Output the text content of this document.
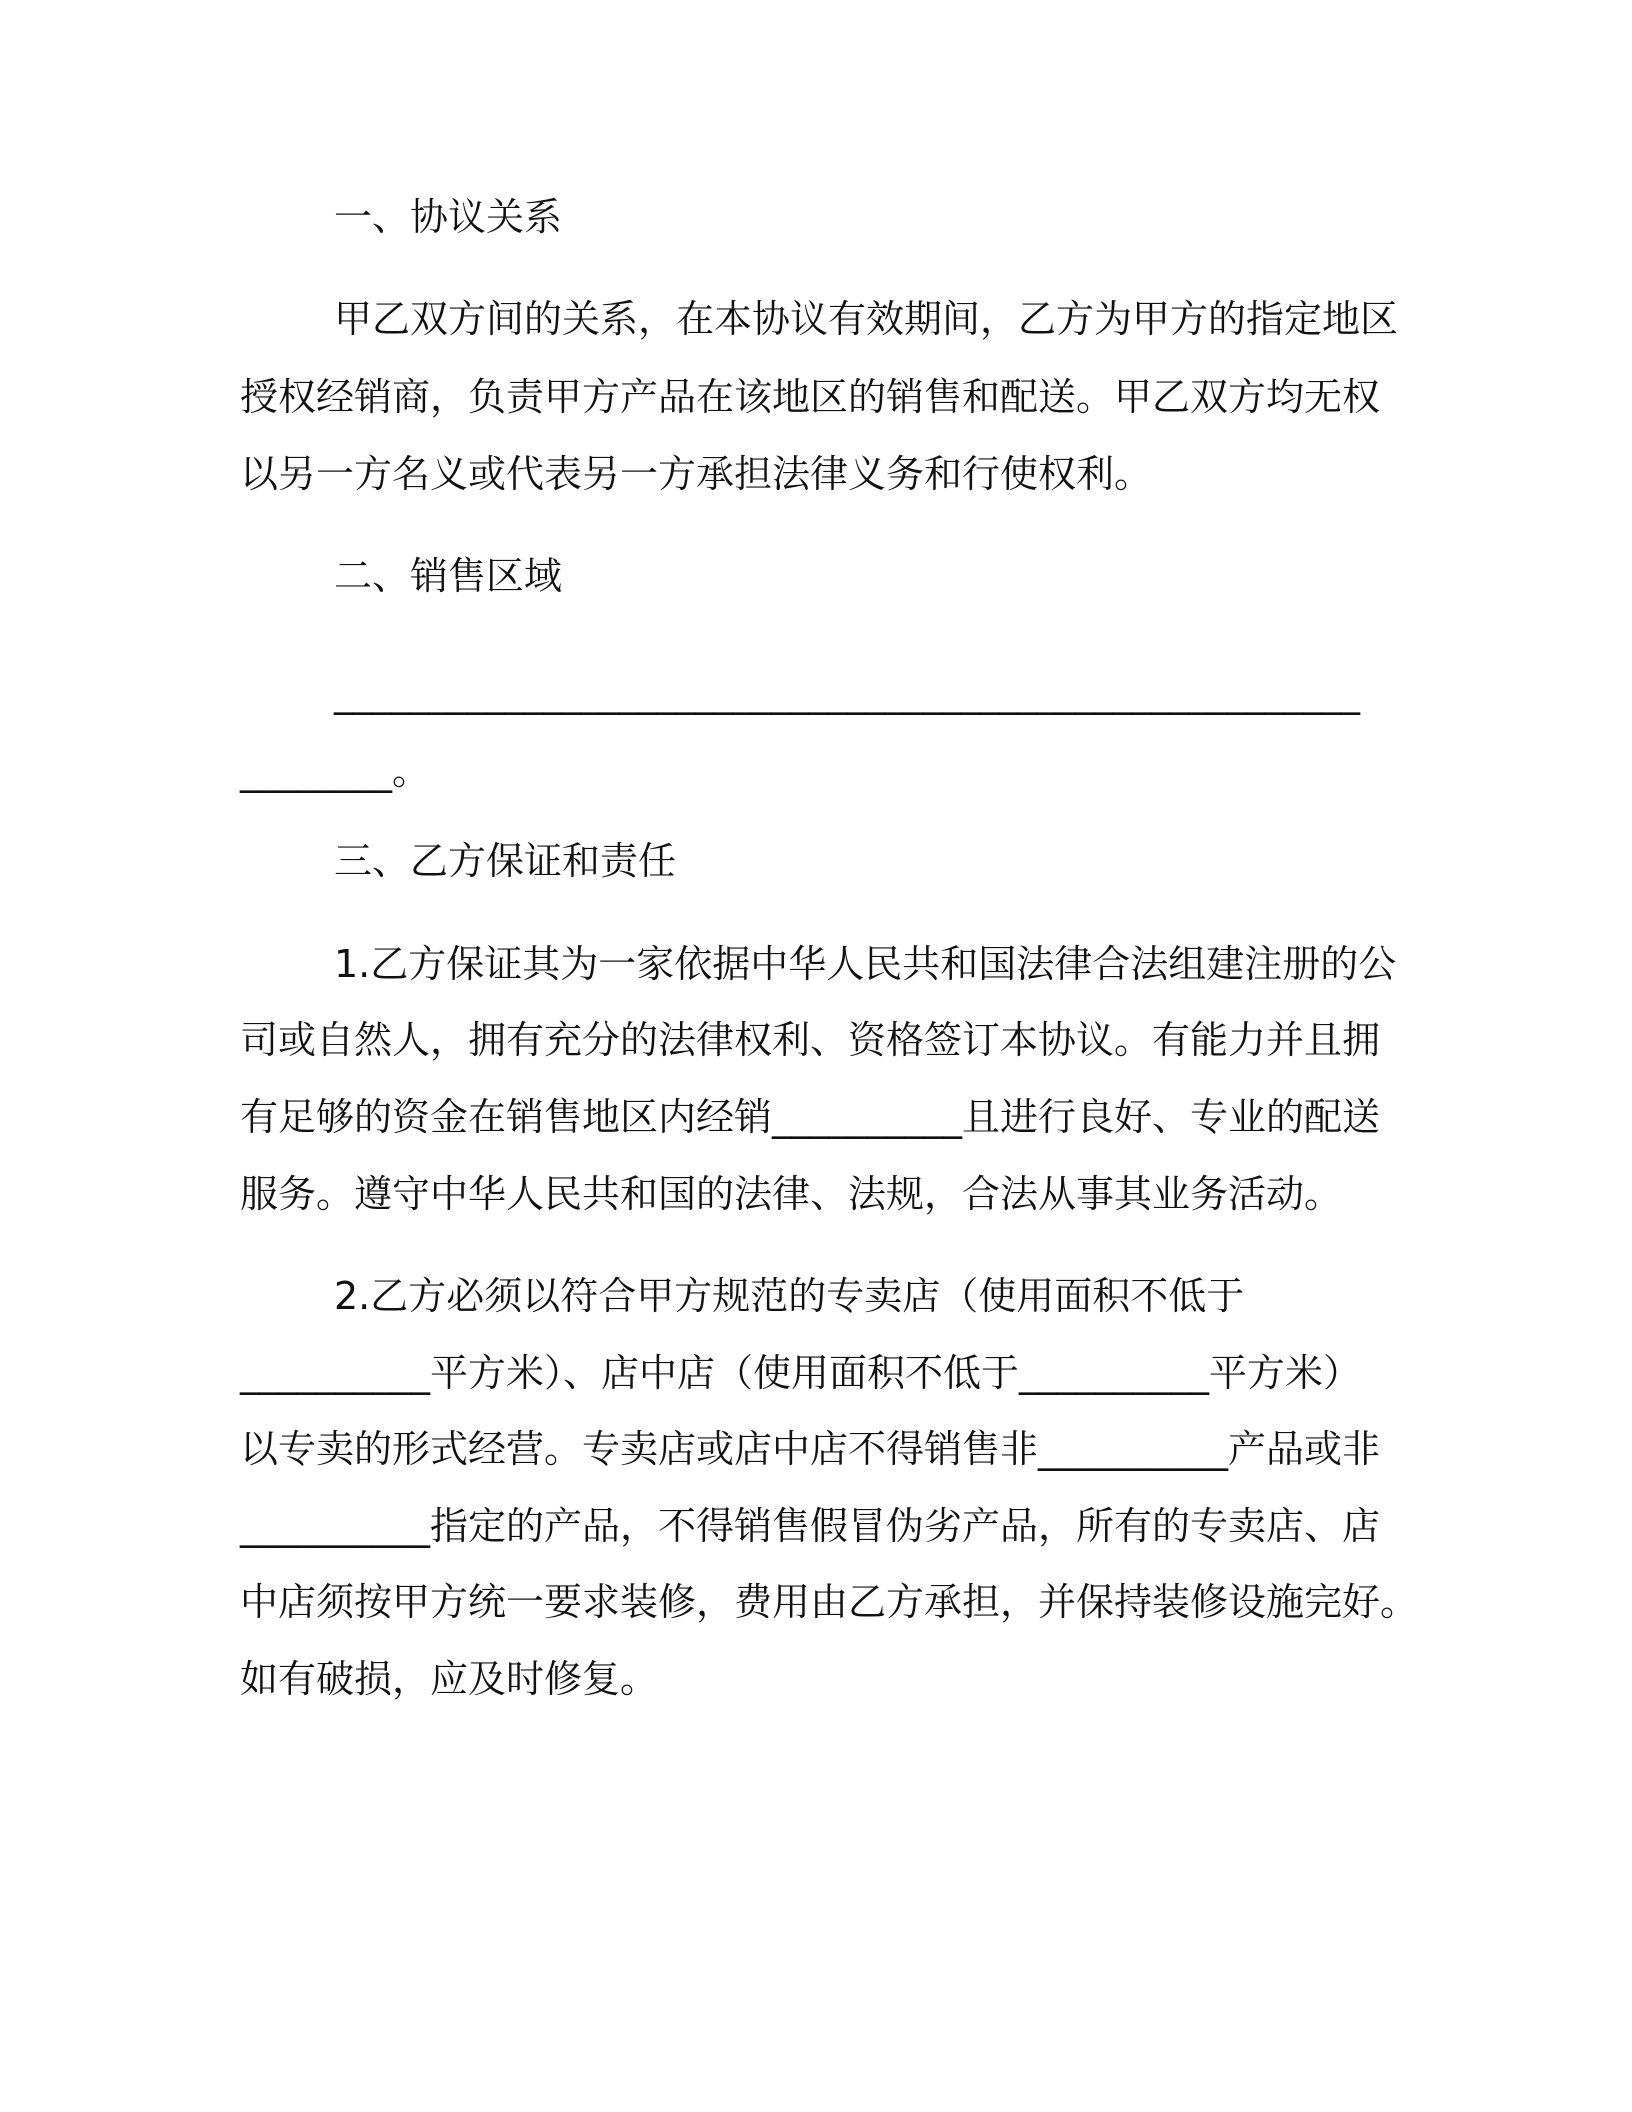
一、协议关系
甲乙双方间的关系，在本协议有效期间，乙方为甲方的指定地区
授权经销商，负责甲方产品在该地区的销售和配送。甲乙双方均无权
以另一方名义或代表另一方承担法律义务和行使权利。
二、销售区域
______________________________________________________
________。
三、乙方保证和责任
1.乙方保证其为一家依据中华人民共和国法律合法组建注册的公
司或自然人，拥有充分的法律权利、资格签订本协议。有能力并且拥
有足够的资金在销售地区内经销__________且进行良好、专业的配送
服务。遵守中华人民共和国的法律、法规，合法从事其业务活动。
2.乙方必须以符合甲方规范的专卖店（使用面积不低于
__________平方米）、店中店（使用面积不低于__________平方米）
以专卖的形式经营。专卖店或店中店不得销售非__________产品或非
__________指定的产品，不得销售假冒伪劣产品，所有的专卖店、店
中店须按甲方统一要求装修，费用由乙方承担，并保持装修设施完好。
如有破损，应及时修复。
